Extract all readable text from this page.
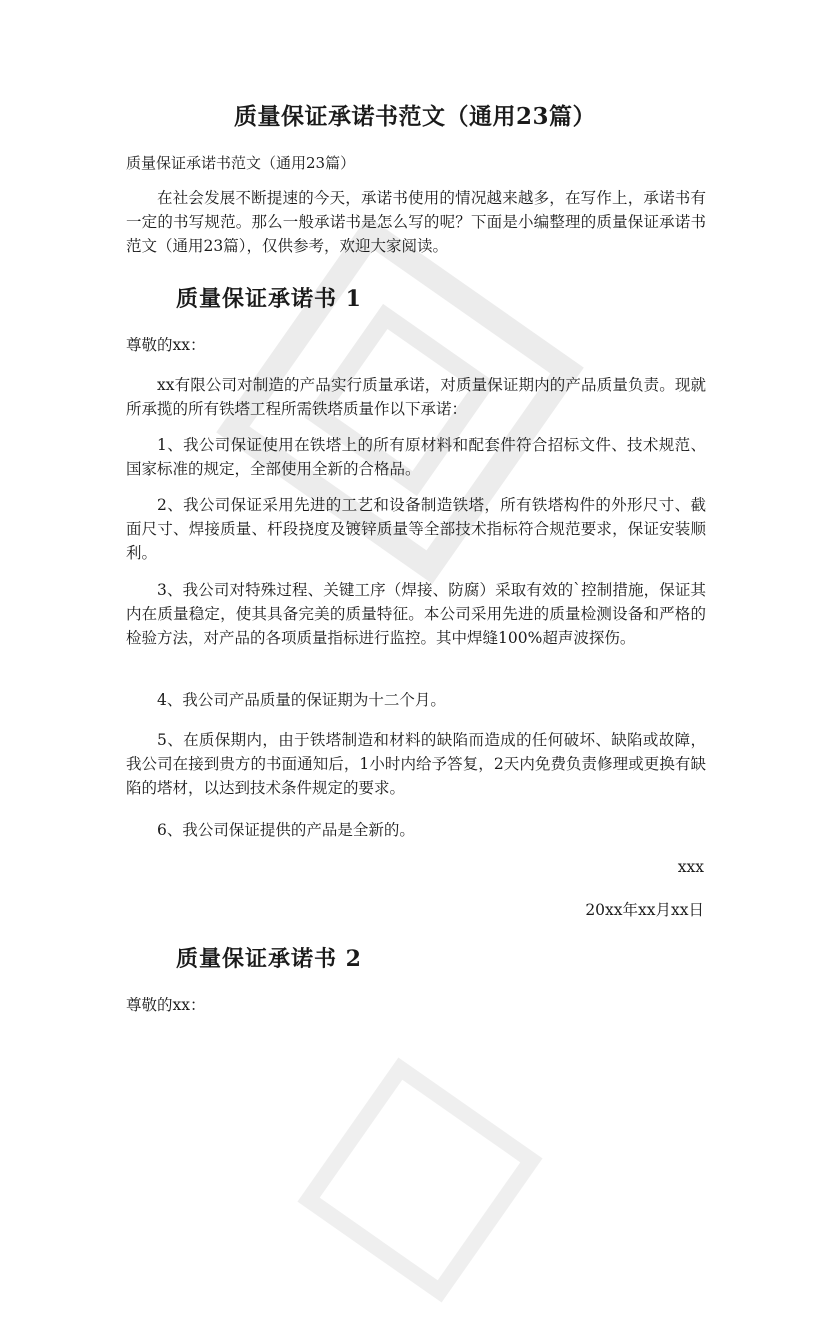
质量保证承诺书范文（通用23篇）
质量保证承诺书范文（通用23篇）
在社会发展不断提速的今天，承诺书使用的情况越来越多，在写作上，承诺书有一定的书写规范。那么一般承诺书是怎么写的呢？下面是小编整理的质量保证承诺书范文（通用23篇），仅供参考，欢迎大家阅读。
质量保证承诺书 1
尊敬的xx：
xx有限公司对制造的产品实行质量承诺，对质量保证期内的产品质量负责。现就所承揽的所有铁塔工程所需铁塔质量作以下承诺：
1、我公司保证使用在铁塔上的所有原材料和配套件符合招标文件、技术规范、国家标准的规定，全部使用全新的合格品。
2、我公司保证采用先进的工艺和设备制造铁塔，所有铁塔构件的外形尺寸、截面尺寸、焊接质量、杆段挠度及镀锌质量等全部技术指标符合规范要求，保证安装顺利。
3、我公司对特殊过程、关键工序（焊接、防腐）采取有效的`控制措施，保证其内在质量稳定，使其具备完美的质量特征。本公司采用先进的质量检测设备和严格的检验方法，对产品的各项质量指标进行监控。其中焊缝100%超声波探伤。
4、我公司产品质量的保证期为十二个月。
5、在质保期内，由于铁塔制造和材料的缺陷而造成的任何破坏、缺陷或故障，我公司在接到贵方的书面通知后，1小时内给予答复，2天内免费负责修理或更换有缺陷的塔材，以达到技术条件规定的要求。
6、我公司保证提供的产品是全新的。
xxx
20xx年xx月xx日
质量保证承诺书 2
尊敬的xx：
